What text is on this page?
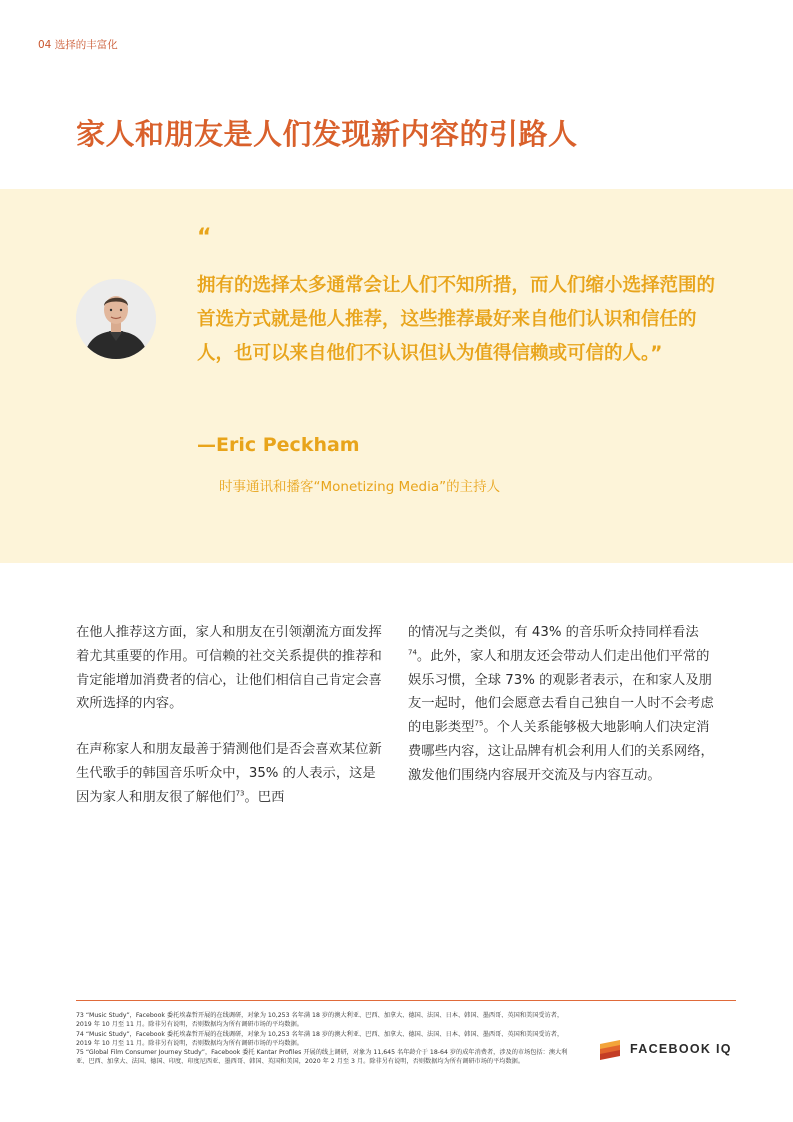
04 选择的丰富化
家人和朋友是人们发现新内容的引路人
“

拥有的选择太多通常会让人们不知所措，而人们缩小选择范围的首选方式就是他人推荐，这些推荐最好来自他们认识和信任的人，也可以来自他们不认识但认为值得信赖或可信的人。”

—Eric Peckham
时事通讯和播客“Monetizing Media”的主持人

在他人推荐这方面，家人和朋友在引领潮流方面发挥着尤其重要的作用。可信赖的社交关系提供的推荐和肯定能增加消费者的信心，让他们相信自己肯定会喜欢所选择的内容。

在声称家人和朋友最善于猜测他们是否会喜欢某位新生代歌手的韩国音乐听众中，35% 的人表示，这是因为家人和朋友很了解他们$^{73}$。巴西

的情况与之类似，有 43% 的音乐听众持同样看法$^{74}$。此外，家人和朋友还会带动人们走出他们平常的娱乐习惯，全球 73% 的观影者表示，在和家人及朋友一起时，他们会愿意去看自己独自一人时不会考虑的电影类型$^{75}$。个人关系能够极大地影响人们决定消费哪些内容，这让品牌有机会利用人们的关系网络，激发他们围绕内容展开交流及与内容互动。

73 “Music Study”，Facebook 委托埃森哲开展的在线调研，对象为 10,253 名年满 18 岁的澳大利亚、巴西、加拿大、德国、法国、日本、韩国、墨西哥、英国和美国受访者，2019 年 10 月至 11 月。除非另有说明，否则数据均为所有调研市场的平均数据。

74 “Music Study”，Facebook 委托埃森哲开展的在线调研，对象为 10,253 名年满 18 岁的澳大利亚、巴西、加拿大、德国、法国、日本、韩国、墨西哥、英国和美国受访者，2019 年 10 月至 11 月。除非另有说明，否则数据均为所有调研市场的平均数据。

75 “Global Film Consumer Journey Study”，Facebook 委托 Kantar Profiles 开展的线上调研，对象为 11,645 名年龄介于 18-64 岁的成年消费者，涉及的市场包括：澳大利亚、巴西、加拿大、法国、德国、印度、印度尼西亚、墨西哥、韩国、英国和美国，2020 年 2 月至 3 月。除非另有说明，否则数据均为所有调研市场的平均数据。

FACEBOOK IQ
